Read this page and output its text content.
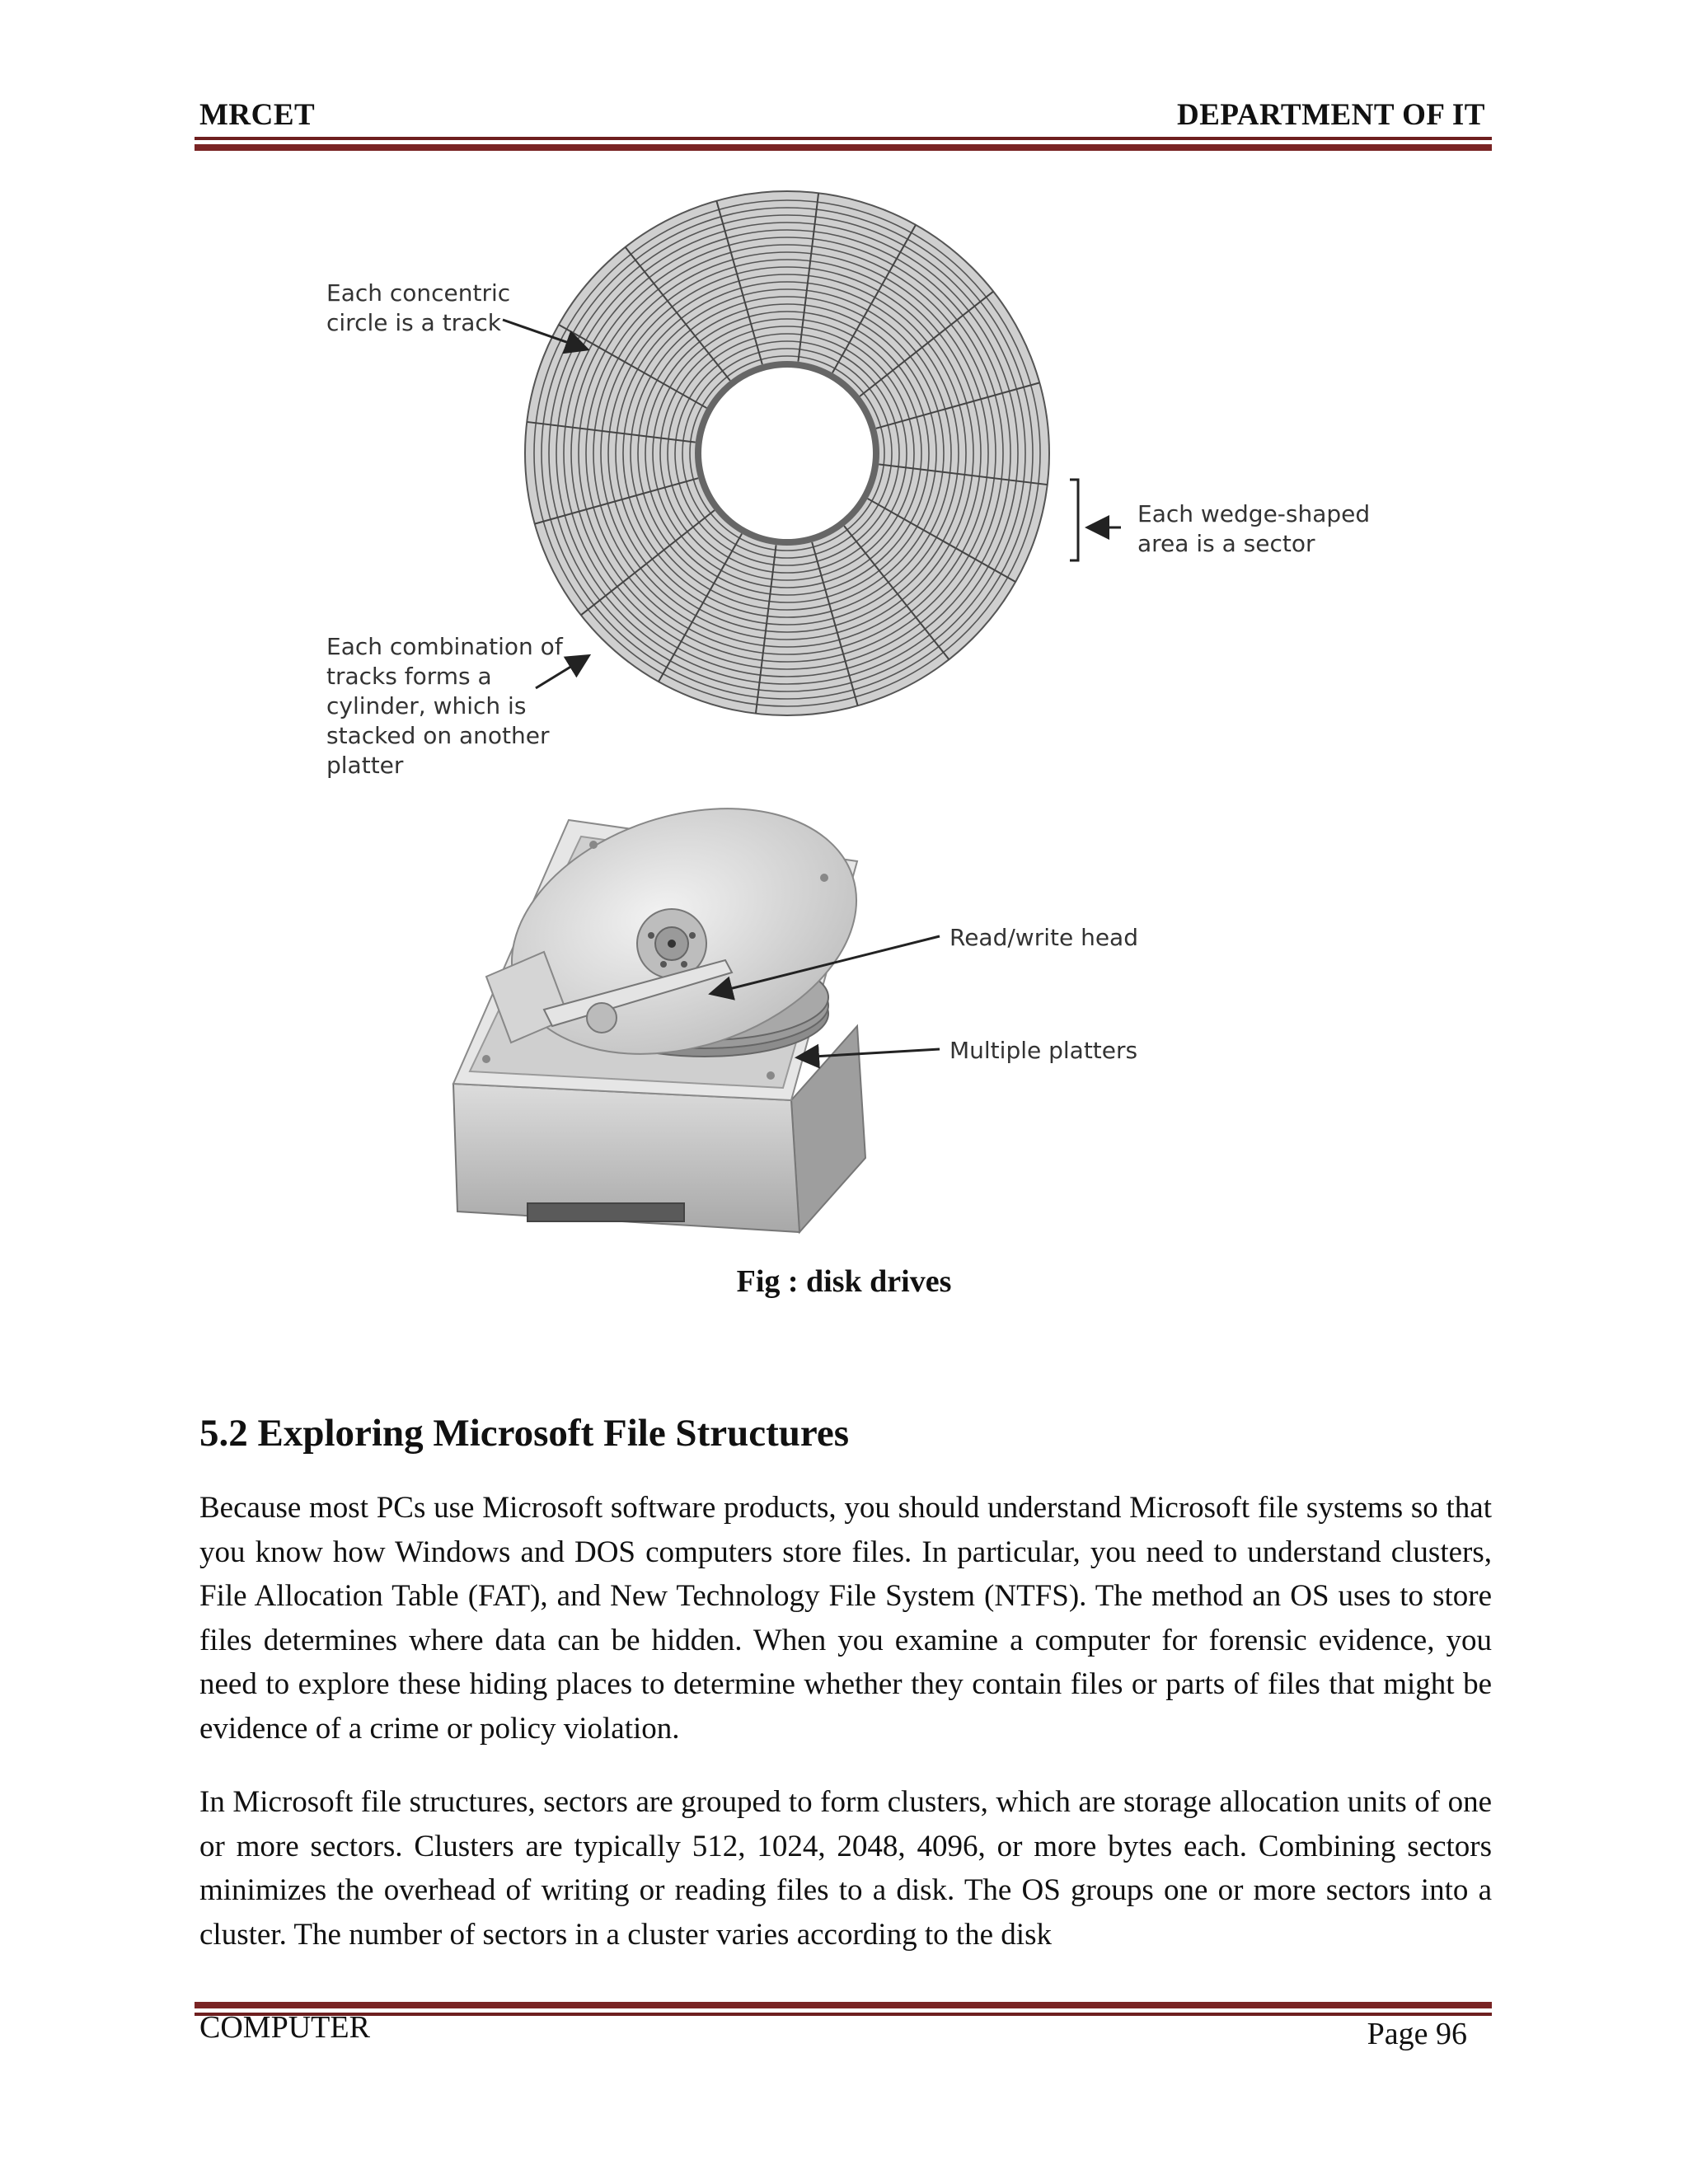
MRCET	DEPARTMENT OF IT
Each concentric circle is a track
Each wedge-shaped area is a sector
Each combination of tracks forms a cylinder, which is stacked on another platter
Read/write head
Multiple platters
Fig : disk drives
5.2 Exploring Microsoft File Structures

Because most PCs use Microsoft software products, you should understand Microsoft file systems so that you know how Windows and DOS computers store files. In particular, you need to understand clusters, File Allocation Table (FAT), and New Technology File System (NTFS). The method an OS uses to store files determines where data can be hidden. When you examine a computer for forensic evidence, you need to explore these hiding places to determine whether they contain files or parts of files that might be evidence of a crime or policy violation.

In Microsoft file structures, sectors are grouped to form clusters, which are storage allocation units of one or more sectors. Clusters are typically 512, 1024, 2048, 4096, or more bytes each. Combining sectors minimizes the overhead of writing or reading files to a disk. The OS groups one or more sectors into a cluster. The number of sectors in a cluster varies according to the disk

COMPUTER	Page 96
